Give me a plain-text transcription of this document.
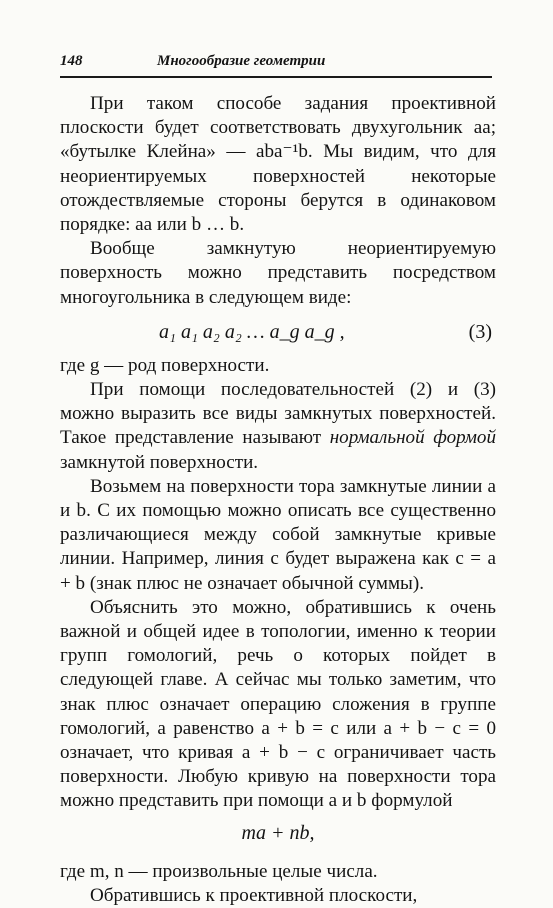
148	Многообразие геометрии

При таком способе задания проективной плоскости будет соответствовать двухугольник aa; «бутылке Клейна» — aba⁻¹b. Мы видим, что для неориентируемых поверхностей некоторые отождествляемые стороны берутся в одинаковом порядке: aa или b … b.

Вообще замкнутую неориентируемую поверхность можно представить посредством многоугольника в следующем виде:

a₁ a₁ a₂ a₂ … a_g a_g ,	(3)

где g — род поверхности.

При помощи последовательностей (2) и (3) можно выразить все виды замкнутых поверхностей. Такое представление называют нормальной формой замкнутой поверхности.

Возьмем на поверхности тора замкнутые линии a и b. С их помощью можно описать все существенно различающиеся между собой замкнутые кривые линии. Например, линия c будет выражена как c = a + b (знак плюс не означает обычной суммы).

Объяснить это можно, обратившись к очень важной и общей идее в топологии, именно к теории групп гомологий, речь о которых пойдет в следующей главе. А сейчас мы только заметим, что знак плюс означает операцию сложения в группе гомологий, а равенство a + b = c или a + b − c = 0 означает, что кривая a + b − c ограничивает часть поверхности. Любую кривую на поверхности тора можно представить при помощи a и b формулой

ma + nb,

где m, n — произвольные целые числа.

Обратившись к проективной плоскости,
